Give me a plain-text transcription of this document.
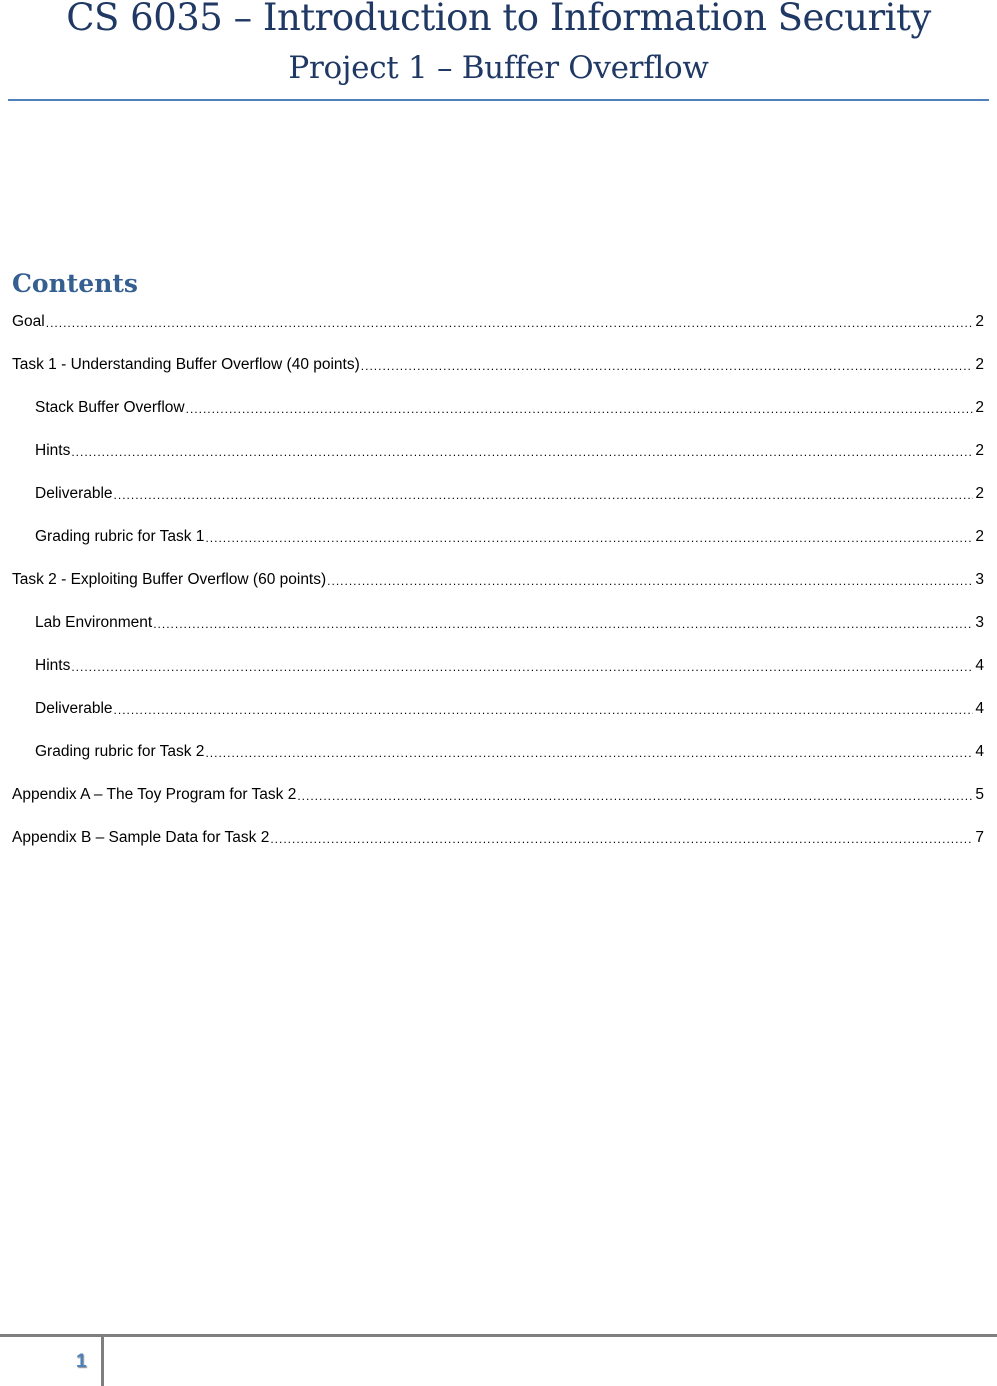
CS 6035 – Introduction to Information Security
Project 1 – Buffer Overflow
Contents
Goal .....	2
Task 1 - Understanding Buffer Overflow (40 points) .....	2
Stack Buffer Overflow .....	2
Hints .....	2
Deliverable .....	2
Grading rubric for Task 1 .....	2
Task 2 - Exploiting Buffer Overflow (60 points) .....	3
Lab Environment .....	3
Hints .....	4
Deliverable .....	4
Grading rubric for Task 2 .....	4
Appendix A – The Toy Program for Task 2 .....	5
Appendix B – Sample Data for Task 2 .....	7
1
